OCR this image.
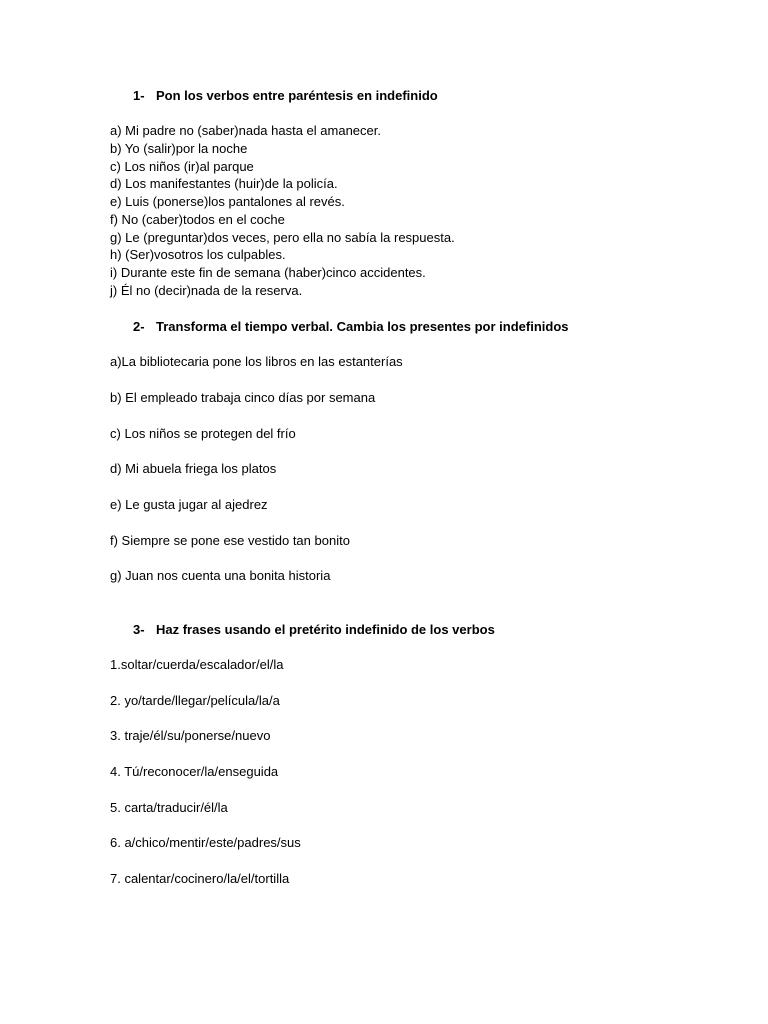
1- Pon los verbos entre paréntesis en indefinido
a) Mi padre no (saber)nada hasta el amanecer.
b) Yo (salir)por la noche
c) Los niños (ir)al parque
d) Los manifestantes (huir)de la policía.
e) Luis (ponerse)los pantalones al revés.
f) No (caber)todos en el coche
g) Le (preguntar)dos veces, pero ella no sabía la respuesta.
h) (Ser)vosotros los culpables.
i) Durante este fin de semana (haber)cinco accidentes.
j) Él no (decir)nada de la reserva.
2- Transforma el tiempo verbal. Cambia los presentes por indefinidos
a)La bibliotecaria pone los libros en las estanterías
b) El empleado trabaja cinco días por semana
c) Los niños se protegen del frío
d) Mi abuela friega los platos
e) Le gusta jugar al ajedrez
f) Siempre se pone ese vestido tan bonito
g) Juan nos cuenta una bonita historia
3- Haz frases usando el pretérito indefinido de los verbos
1.soltar/cuerda/escalador/el/la
2. yo/tarde/llegar/película/la/a
3. traje/él/su/ponerse/nuevo
4. Tú/reconocer/la/enseguida
5. carta/traducir/él/la
6. a/chico/mentir/este/padres/sus
7. calentar/cocinero/la/el/tortilla
